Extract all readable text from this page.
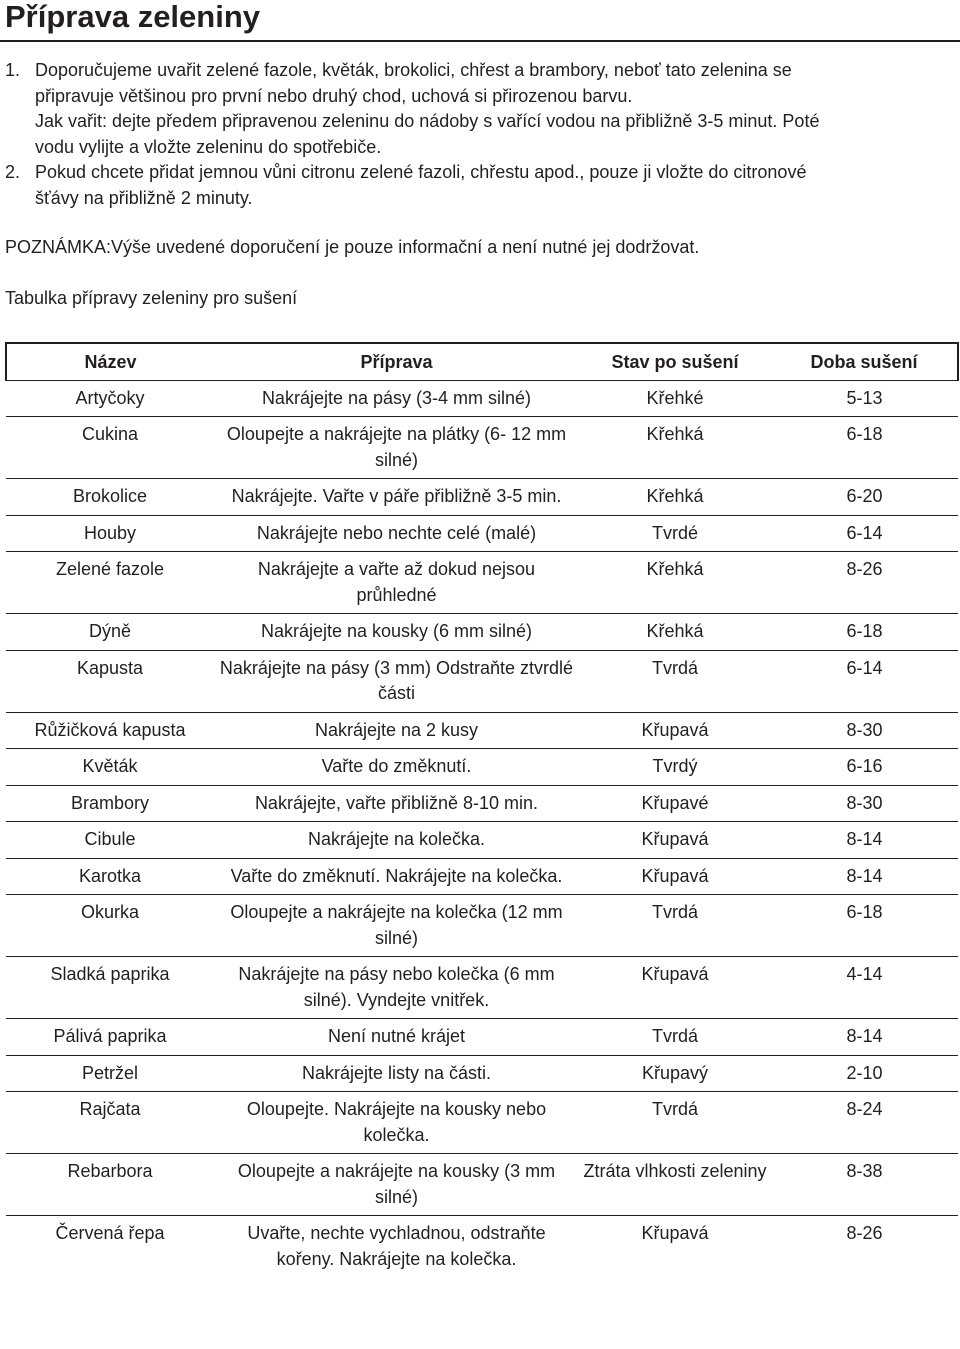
Příprava zeleniny
1. Doporučujeme uvařit zelené fazole, květák, brokolici, chřest a brambory, neboť tato zelenina se
připravuje většinou pro první nebo druhý chod, uchová si přirozenou barvu.
Jak vařit: dejte předem připravenou zeleninu do nádoby s vařící vodou na přibližně 3-5 minut. Poté
vodu vylijte a vložte zeleninu do spotřebiče.
2. Pokud chcete přidat jemnou vůni citronu zelené fazoli, chřestu apod., pouze ji vložte do citronové
šťávy na přibližně 2 minuty.
POZNÁMKA:Výše uvedené doporučení je pouze informační a není nutné jej dodržovat.
Tabulka přípravy zeleniny pro sušení
Název	Příprava	Stav po sušení	Doba sušení
Artyčoky	Nakrájejte na pásy (3-4 mm silné)	Křehké	5-13
Cukina	Oloupejte a nakrájejte na plátky (6- 12 mm silné)	Křehká	6-18
Brokolice	Nakrájejte. Vařte v páře přibližně 3-5 min.	Křehká	6-20
Houby	Nakrájejte nebo nechte celé (malé)	Tvrdé	6-14
Zelené fazole	Nakrájejte a vařte až dokud nejsou průhledné	Křehká	8-26
Dýně	Nakrájejte na kousky (6 mm silné)	Křehká	6-18
Kapusta	Nakrájejte na pásy (3 mm) Odstraňte ztvrdlé části	Tvrdá	6-14
Růžičková kapusta	Nakrájejte na 2 kusy	Křupavá	8-30
Květák	Vařte do změknutí.	Tvrdý	6-16
Brambory	Nakrájejte, vařte přibližně 8-10 min.	Křupavé	8-30
Cibule	Nakrájejte na kolečka.	Křupavá	8-14
Karotka	Vařte do změknutí. Nakrájejte na kolečka.	Křupavá	8-14
Okurka	Oloupejte a nakrájejte na kolečka (12 mm silné)	Tvrdá	6-18
Sladká paprika	Nakrájejte na pásy nebo kolečka (6 mm silné). Vyndejte vnitřek.	Křupavá	4-14
Pálivá paprika	Není nutné krájet	Tvrdá	8-14
Petržel	Nakrájejte listy na části.	Křupavý	2-10
Rajčata	Oloupejte. Nakrájejte na kousky nebo kolečka.	Tvrdá	8-24
Rebarbora	Oloupejte a nakrájejte na kousky (3 mm silné)	Ztráta vlhkosti zeleniny	8-38
Červená řepa	Uvařte, nechte vychladnou, odstraňte kořeny. Nakrájejte na kolečka.	Křupavá	8-26
